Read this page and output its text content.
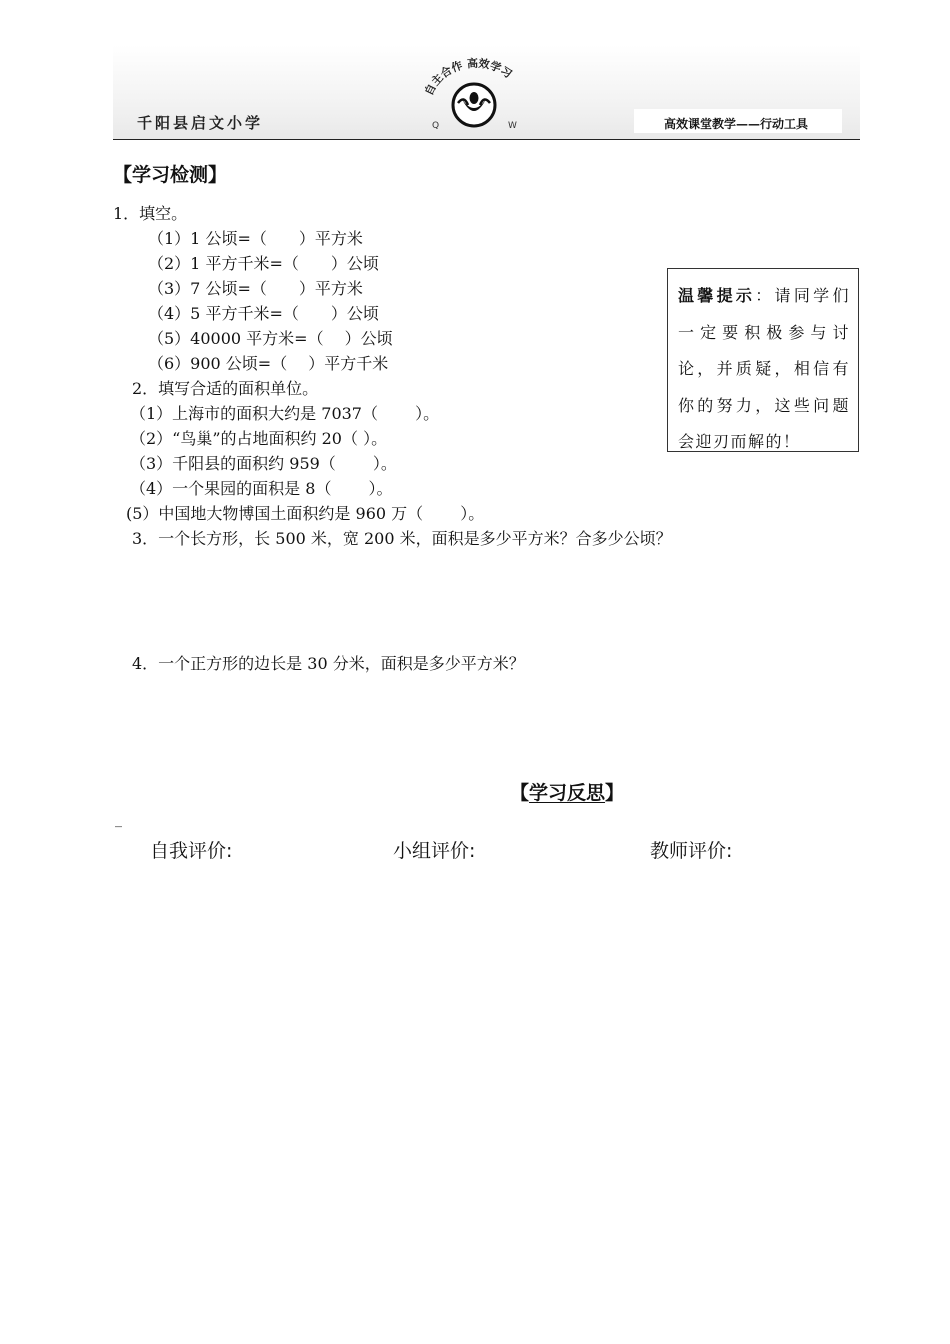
千阳县启文小学
自主合作 高效学习
Q	W	高效课堂教学——行动工具
【学习检测】
1．填空。
（1）1 公顷=（　　）平方米
（2）1 平方千米=（　　）公顷
（3）7 公顷=（　　）平方米
（4）5 平方千米=（　　）公顷
（5）40000 平方米=（　 ）公顷
（6）900 公顷=（　 ）平方千米
2．填写合适的面积单位。
（1）上海市的面积大约是 7037（　　 ）。
（2）“鸟巢”的占地面积约 20（ ）。
（3）千阳县的面积约 959（　　 ）。
（4）一个果园的面积是 8（　　 ）。
(5）中国地大物博国土面积约是 960 万（　　 ）。
3．一个长方形，长 500 米，宽 200 米，面积是多少平方米？合多少公顷？
4．一个正方形的边长是 30 分米，面积是多少平方米？
温馨提示：请同学们一定要积极参与讨论，并质疑，相信有你的努力，这些问题会迎刃而解的！
【学习反思】
_
自我评价:	小组评价:	教师评价:
